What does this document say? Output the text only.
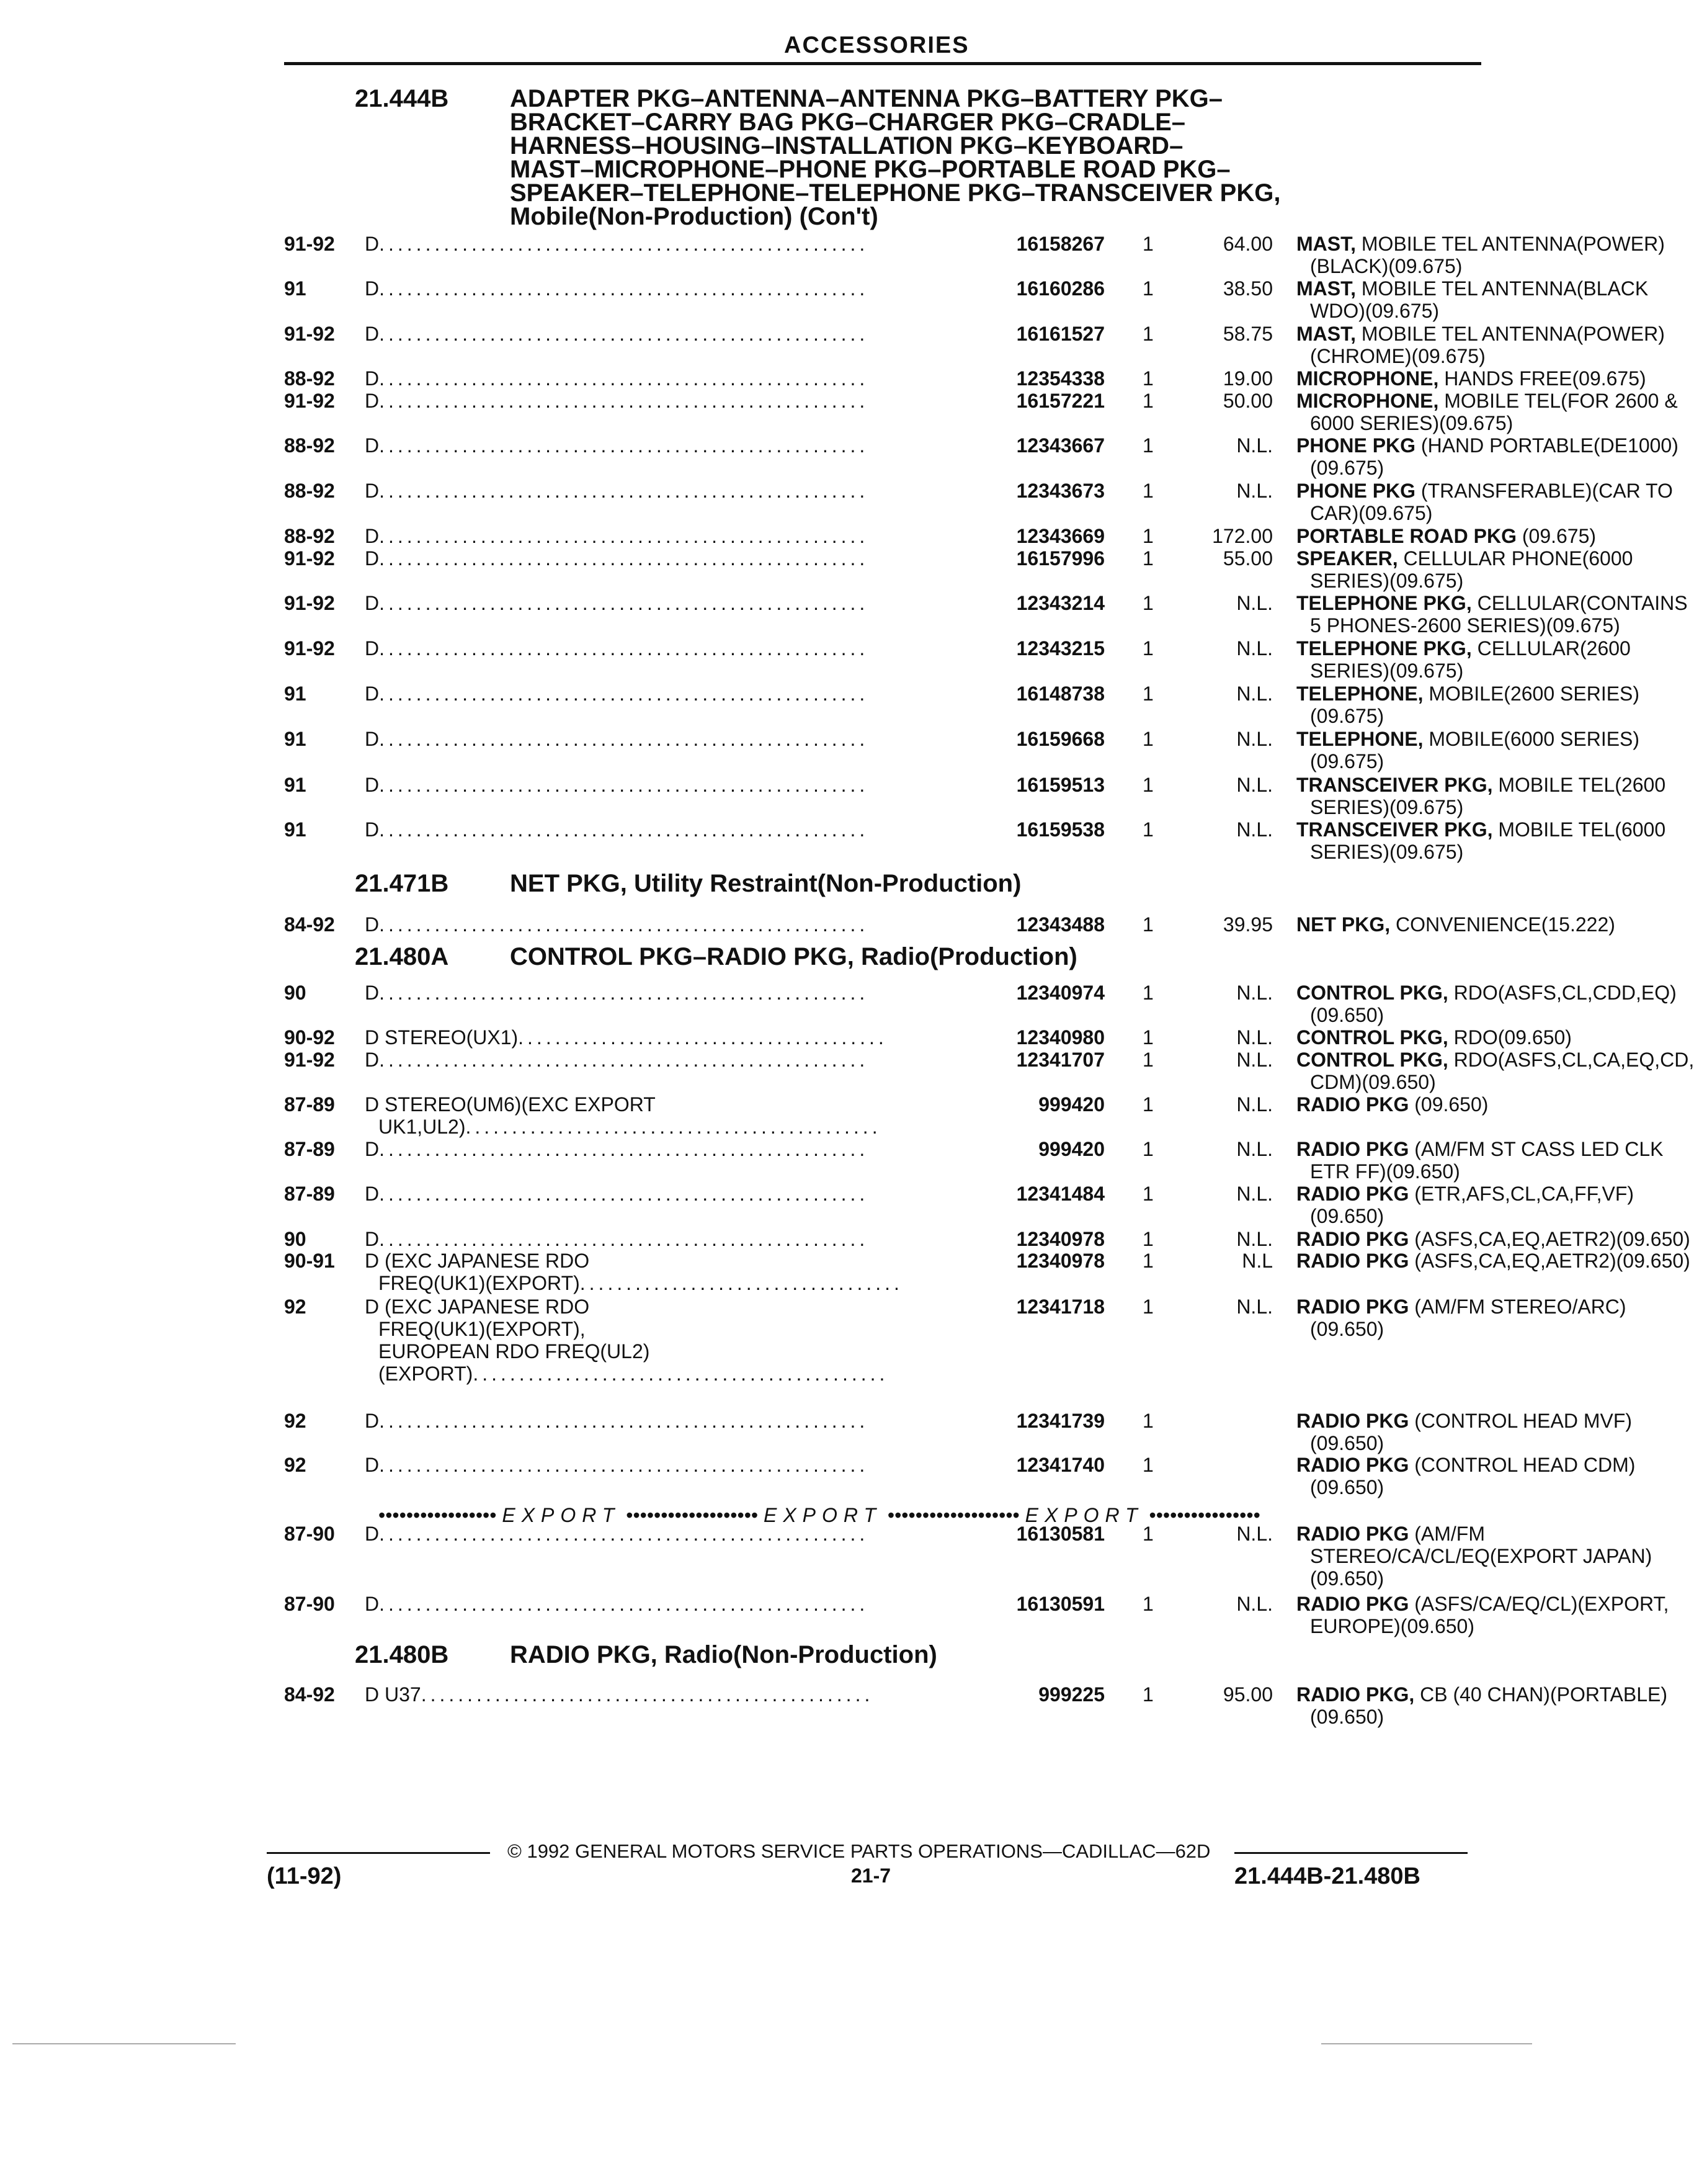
ACCESSORIES
21.444B ADAPTER PKG–ANTENNA–ANTENNA PKG–BATTERY PKG–
BRACKET–CARRY BAG PKG–CHARGER PKG–CRADLE–
HARNESS–HOUSING–INSTALLATION PKG–KEYBOARD–
MAST–MICROPHONE–PHONE PKG–PORTABLE ROAD PKG–
SPEAKER–TELEPHONE–TELEPHONE PKG–TRANSCEIVER PKG,
Mobile(Non-Production) (Con't)
91-92 D.....................................................	16158267 1	64.00 MAST, MOBILE TEL ANTENNA(POWER)
(BLACK)(09.675)
91	D.....................................................	16160286 1	38.50 MAST, MOBILE TEL ANTENNA(BLACK
WDO)(09.675)
91-92 D.....................................................	16161527 1	58.75 MAST, MOBILE TEL ANTENNA(POWER)
(CHROME)(09.675)
88-92 D.....................................................	12354338 1	19.00 MICROPHONE, HANDS FREE(09.675)
91-92 D.....................................................	16157221 1	50.00 MICROPHONE, MOBILE TEL(FOR 2600 &
6000 SERIES)(09.675)
88-92 D.....................................................	12343667 1	N.L. PHONE PKG (HAND PORTABLE(DE1000)
(09.675)
88-92 D.....................................................	12343673 1	N.L. PHONE PKG (TRANSFERABLE)(CAR TO
CAR)(09.675)
88-92 D.....................................................	12343669 1	172.00 PORTABLE ROAD PKG (09.675)
91-92 D.....................................................	16157996 1	55.00 SPEAKER, CELLULAR PHONE(6000
SERIES)(09.675)
91-92 D.....................................................	12343214 1	N.L. TELEPHONE PKG, CELLULAR(CONTAINS
5 PHONES-2600 SERIES)(09.675)
91-92 D.....................................................	12343215 1	N.L. TELEPHONE PKG, CELLULAR(2600
SERIES)(09.675)
91	D.....................................................	16148738 1	N.L. TELEPHONE, MOBILE(2600 SERIES)
(09.675)
91	D.....................................................	16159668 1	N.L. TELEPHONE, MOBILE(6000 SERIES)
(09.675)
91	D.....................................................	16159513 1	N.L. TRANSCEIVER PKG, MOBILE TEL(2600
SERIES)(09.675)
91	D.....................................................	16159538 1	N.L. TRANSCEIVER PKG, MOBILE TEL(6000
SERIES)(09.675)
21.471B NET PKG, Utility Restraint(Non-Production)
84-92 D.....................................................	12343488 1	39.95 NET PKG, CONVENIENCE(15.222)
21.480A CONTROL PKG–RADIO PKG, Radio(Production)
90	D.....................................................	12340974 1	N.L. CONTROL PKG, RDO(ASFS,CL,CDD,EQ)
(09.650)
90-92 D STEREO(UX1)........................................	12340980 1	N.L. CONTROL PKG, RDO(09.650)
91-92 D.....................................................	12341707 1	N.L. CONTROL PKG, RDO(ASFS,CL,CA,EQ,CD,
CDM)(09.650)
87-89 D STEREO(UM6)(EXC EXPORT
UK1,UL2).............................................
999420 1	N.L. RADIO PKG (09.650)
87-89 D.....................................................	999420 1	N.L. RADIO PKG (AM/FM ST CASS LED CLK
ETR FF)(09.650)
87-89 D.....................................................	12341484 1	N.L. RADIO PKG (ETR,AFS,CL,CA,FF,VF)
(09.650)
90	D.....................................................	12340978 1	N.L. RADIO PKG (ASFS,CA,EQ,AETR2)(09.650)
90-91 D (EXC JAPANESE RDO
FREQ(UK1)(EXPORT)...................................
12340978 1	N.L RADIO PKG (ASFS,CA,EQ,AETR2)(09.650)
92	D (EXC JAPANESE RDO
FREQ(UK1)(EXPORT),
EUROPEAN RDO FREQ(UL2)
(EXPORT).............................................
12341718 1	N.L. RADIO PKG (AM/FM STEREO/ARC)
(09.650)
92	D.....................................................	12341739 1	RADIO PKG (CONTROL HEAD MVF)
(09.650)
92	D.....................................................	12341740 1	RADIO PKG (CONTROL HEAD CDM)
(09.650)
87-90 D.....................................................	16130581 1	N.L. RADIO PKG (AM/FM
STEREO/CA/CL/EQ(EXPORT JAPAN)
(09.650)
87-90 D.....................................................	16130591 1	N.L. RADIO PKG (ASFS/CA/EQ/CL)(EXPORT,
EUROPE)(09.650)
21.480B RADIO PKG, Radio(Non-Production)
84-92 D U37.................................................	999225 1	95.00 RADIO PKG, CB (40 CHAN)(PORTABLE)
(09.650)
••••••••••••••••• EXPORT ••••••••••••••••••• EXPORT ••••••••••••••••••• EXPORT ••••••••••••••••
© 1992 GENERAL MOTORS SERVICE PARTS OPERATIONS—CADILLAC—62D
(11-92)	21-7	21.444B-21.480B
